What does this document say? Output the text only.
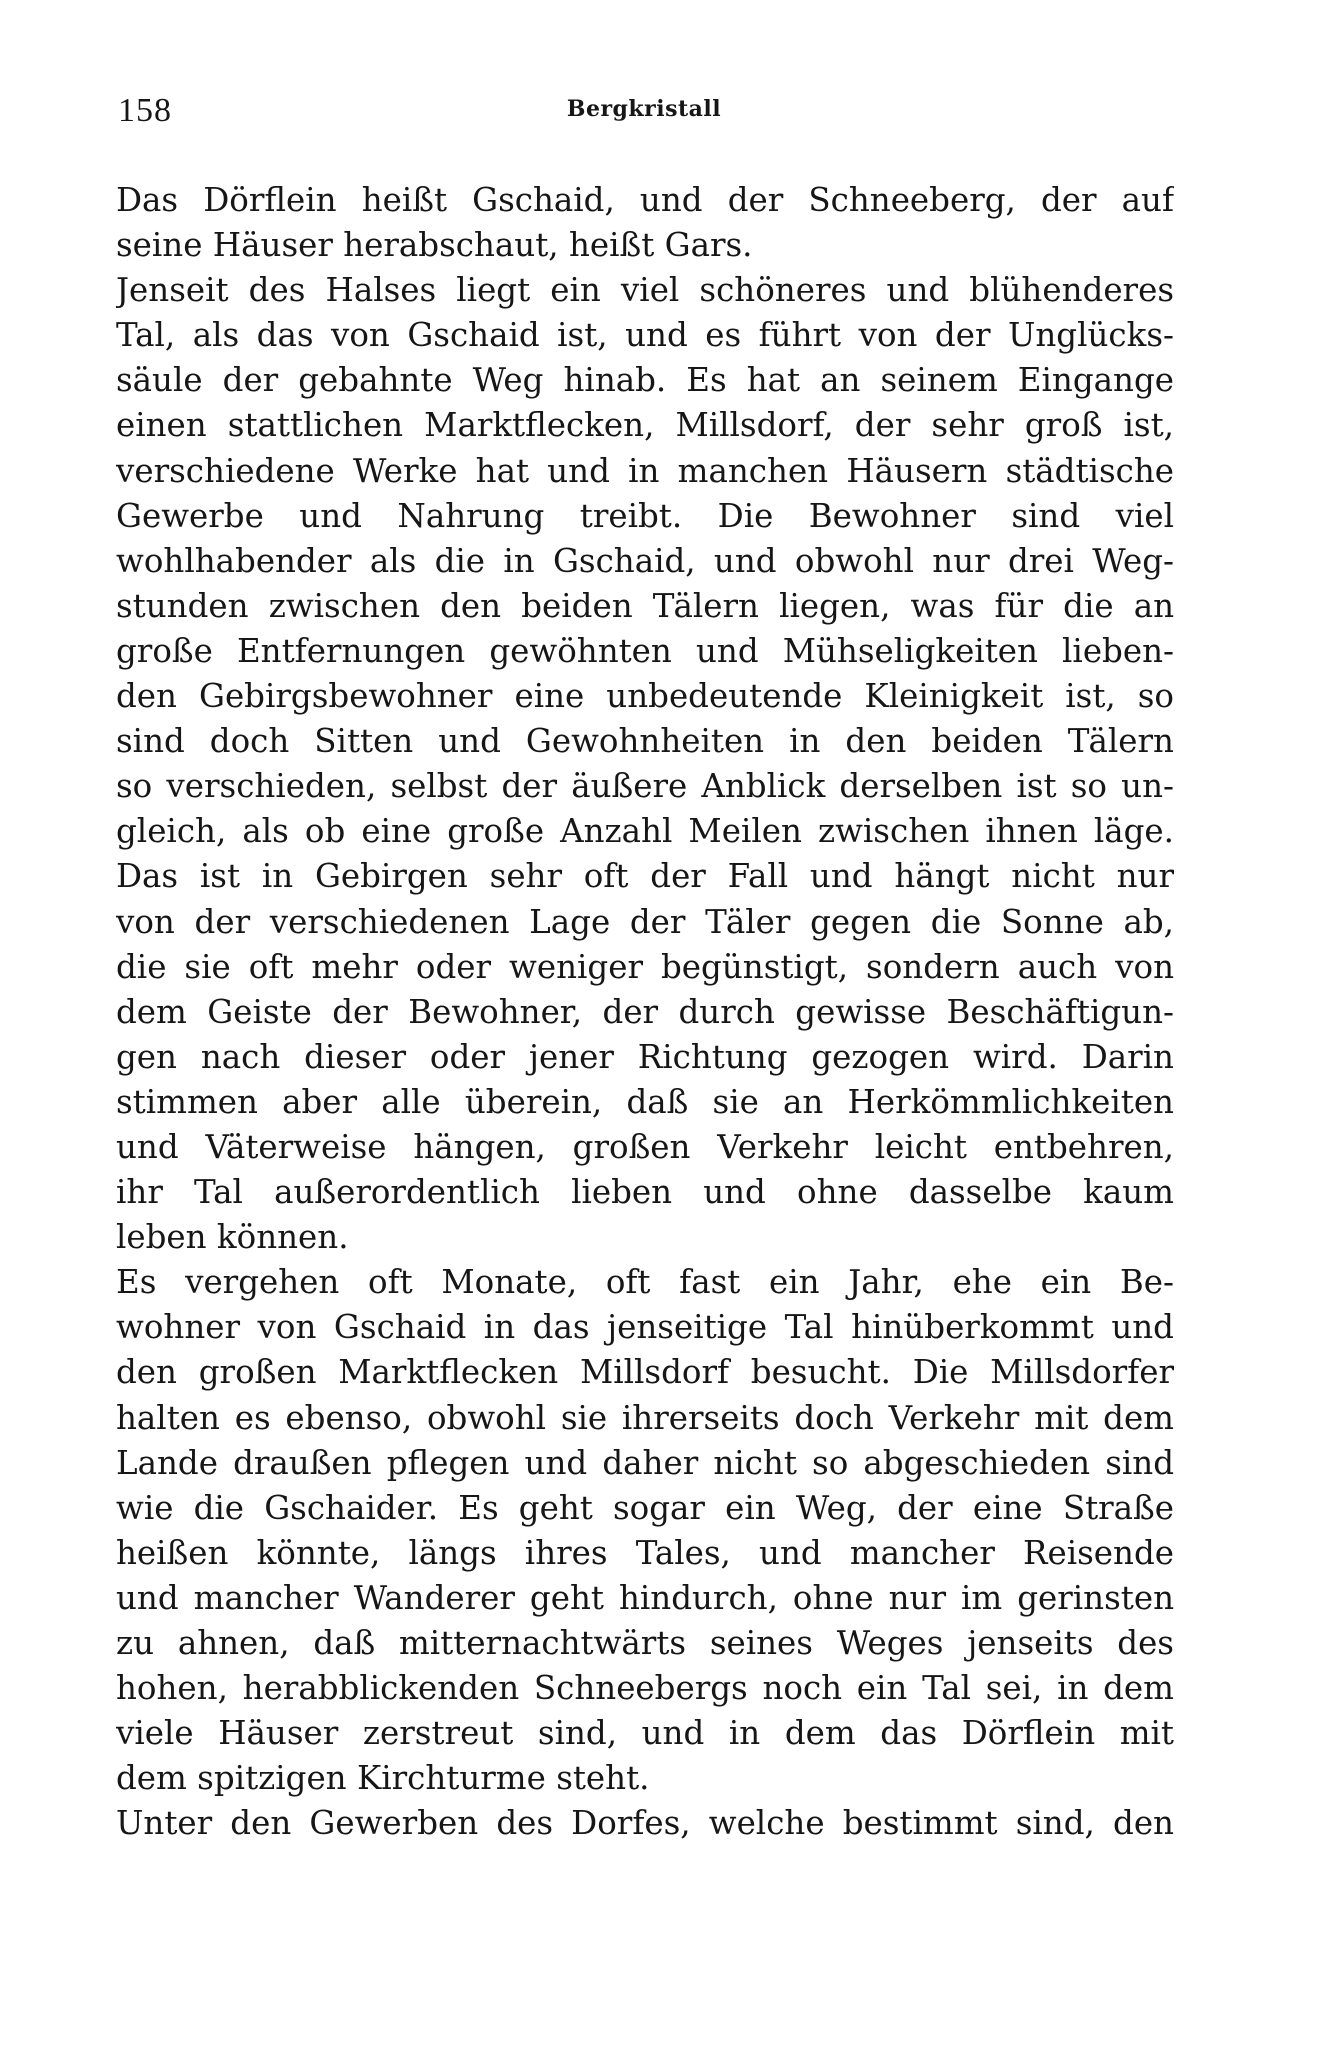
158	Bergkristall
Das Dörflein heißt Gschaid, und der Schneeberg, der auf
seine Häuser herabschaut, heißt Gars.
Jenseit des Halses liegt ein viel schöneres und blühenderes
Tal, als das von Gschaid ist, und es führt von der Unglücks-
säule der gebahnte Weg hinab. Es hat an seinem Eingange
einen stattlichen Marktflecken, Millsdorf, der sehr groß ist,
verschiedene Werke hat und in manchen Häusern städtische
Gewerbe und Nahrung treibt. Die Bewohner sind viel
wohlhabender als die in Gschaid, und obwohl nur drei Weg-
stunden zwischen den beiden Tälern liegen, was für die an
große Entfernungen gewöhnten und Mühseligkeiten lieben-
den Gebirgsbewohner eine unbedeutende Kleinigkeit ist, so
sind doch Sitten und Gewohnheiten in den beiden Tälern
so verschieden, selbst der äußere Anblick derselben ist so un-
gleich, als ob eine große Anzahl Meilen zwischen ihnen läge.
Das ist in Gebirgen sehr oft der Fall und hängt nicht nur
von der verschiedenen Lage der Täler gegen die Sonne ab,
die sie oft mehr oder weniger begünstigt, sondern auch von
dem Geiste der Bewohner, der durch gewisse Beschäftigun-
gen nach dieser oder jener Richtung gezogen wird. Darin
stimmen aber alle überein, daß sie an Herkömmlichkeiten
und Väterweise hängen, großen Verkehr leicht entbehren,
ihr Tal außerordentlich lieben und ohne dasselbe kaum
leben können.
Es vergehen oft Monate, oft fast ein Jahr, ehe ein Be-
wohner von Gschaid in das jenseitige Tal hinüberkommt und
den großen Marktflecken Millsdorf besucht. Die Millsdorfer
halten es ebenso, obwohl sie ihrerseits doch Verkehr mit dem
Lande draußen pflegen und daher nicht so abgeschieden sind
wie die Gschaider. Es geht sogar ein Weg, der eine Straße
heißen könnte, längs ihres Tales, und mancher Reisende
und mancher Wanderer geht hindurch, ohne nur im gerinsten
zu ahnen, daß mitternachtwärts seines Weges jenseits des
hohen, herabblickenden Schneebergs noch ein Tal sei, in dem
viele Häuser zerstreut sind, und in dem das Dörflein mit
dem spitzigen Kirchturme steht.
Unter den Gewerben des Dorfes, welche bestimmt sind, den
